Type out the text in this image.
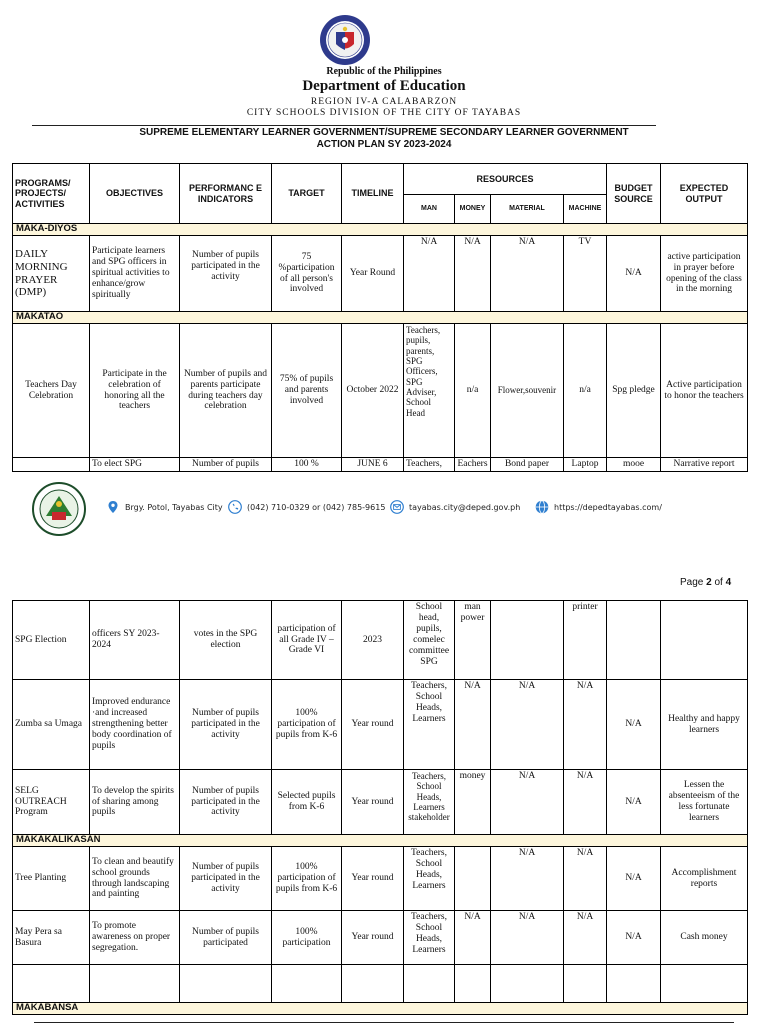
Republic of the Philippines
Department of Education
REGION IV-A CALABARZON
CITY SCHOOLS DIVISION OF THE CITY OF TAYABAS
SUPREME ELEMENTARY LEARNER GOVERNMENT/SUPREME SECONDARY LEARNER GOVERNMENT
ACTION PLAN SY 2023-2024
PROGRAMS/ PROJECTS/ ACTIVITIES	OBJECTIVES	PERFORMANC E INDICATORS	TARGET	TIMELINE	RESOURCES				BUDGET SOURCE	EXPECTED OUTPUT
					MAN	MONEY	MATERIAL	MACHINE		
MAKA-DIYOS										
DAILY MORNING PRAYER (DMP)	Participate learners and SPG officers in spiritual activities to enhance/grow spiritually	Number of pupils participated in the activity	75 %participation of all person's involved	Year Round	N/A	N/A	N/A	TV	N/A	active participation in prayer before opening of the class in the morning
MAKATAO										
Teachers Day Celebration	Participate in the celebration of honoring all the teachers	Number of pupils and parents participate during teachers day celebration	75% of pupils and parents involved	October 2022	Teachers, pupils, parents, SPG Officers, SPG Adviser, School Head	n/a	Flower,souvenir	n/a	Spg pledge	Active participation to honor the teachers
	To elect SPG	Number of pupils	100 %	JUNE 6	Teachers,	Eachers	Bond paper	Laptop	mooe	Narrative report
Brgy. Potol, Tayabas City	(042) 710-0329 or (042) 785-9615	tayabas.city@deped.gov.ph	https://depedtayabas.com/
Page 2 of 4
SPG Election	officers SY 2023-2024	votes in the SPG election	participation of all Grade IV – Grade VI	2023	School head, pupils, comelec committee SPG	man power		printer		
Zumba sa Umaga	Improved endurance ·and increased strengthening better body coordination of pupils	Number of pupils participated in the activity	100% participation of pupils from K-6	Year round	Teachers, School Heads, Learners	N/A	N/A	N/A	N/A	Healthy and happy learners
SELG OUTREACH Program	To develop the spirits of sharing among pupils	Number of pupils participated in the activity	Selected pupils from K-6	Year round	Teachers, School Heads, Learners stakeholder	money	N/A	N/A	N/A	Lessen the absenteeism of the less fortunate learners
MAKAKALIKASAN										
Tree Planting	To clean and beautify school grounds through landscaping and painting	Number of pupils participated in the activity	100% participation of pupils from K-6	Year round	Teachers, School Heads, Learners		N/A	N/A	N/A	Accomplishment reports
May Pera sa Basura	To promote awareness on proper segregation.	Number of pupils participated	100% participation	Year round	Teachers, School Heads, Learners	N/A	N/A	N/A	N/A	Cash money

MAKABANSA										
